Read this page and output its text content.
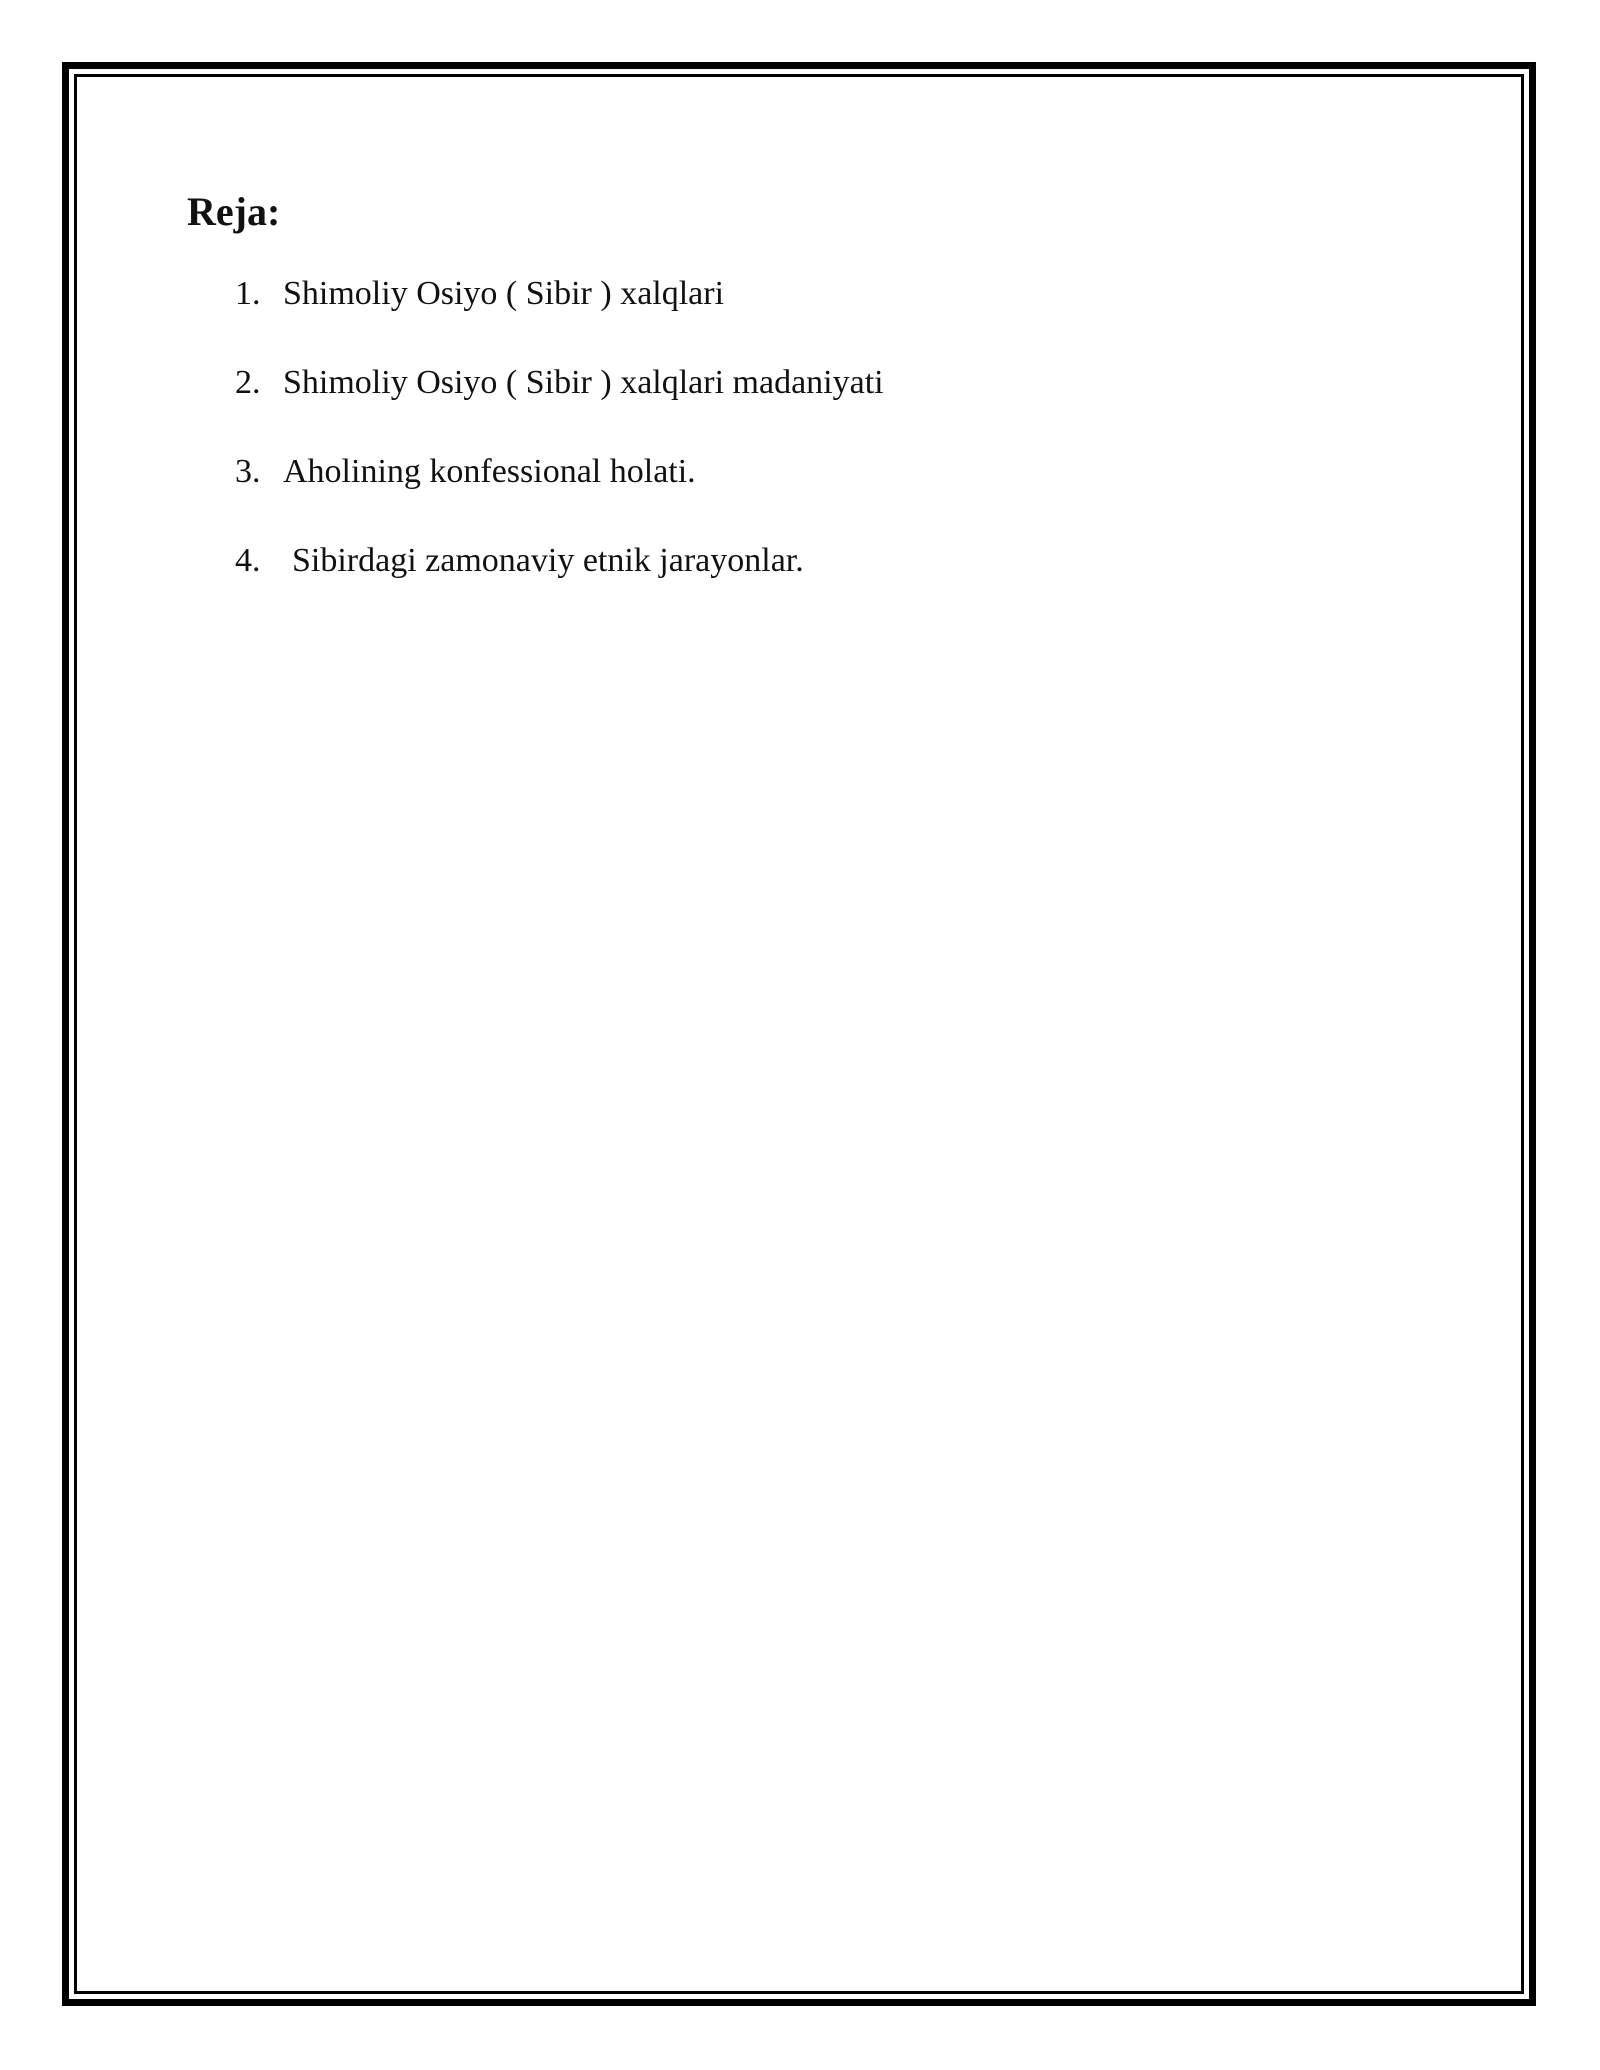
Reja:
1. Shimoliy Osiyo ( Sibir ) xalqlari
2. Shimoliy Osiyo ( Sibir ) xalqlari madaniyati
3. Aholining konfessional holati.
4. Sibirdagi zamonaviy etnik jarayonlar.
